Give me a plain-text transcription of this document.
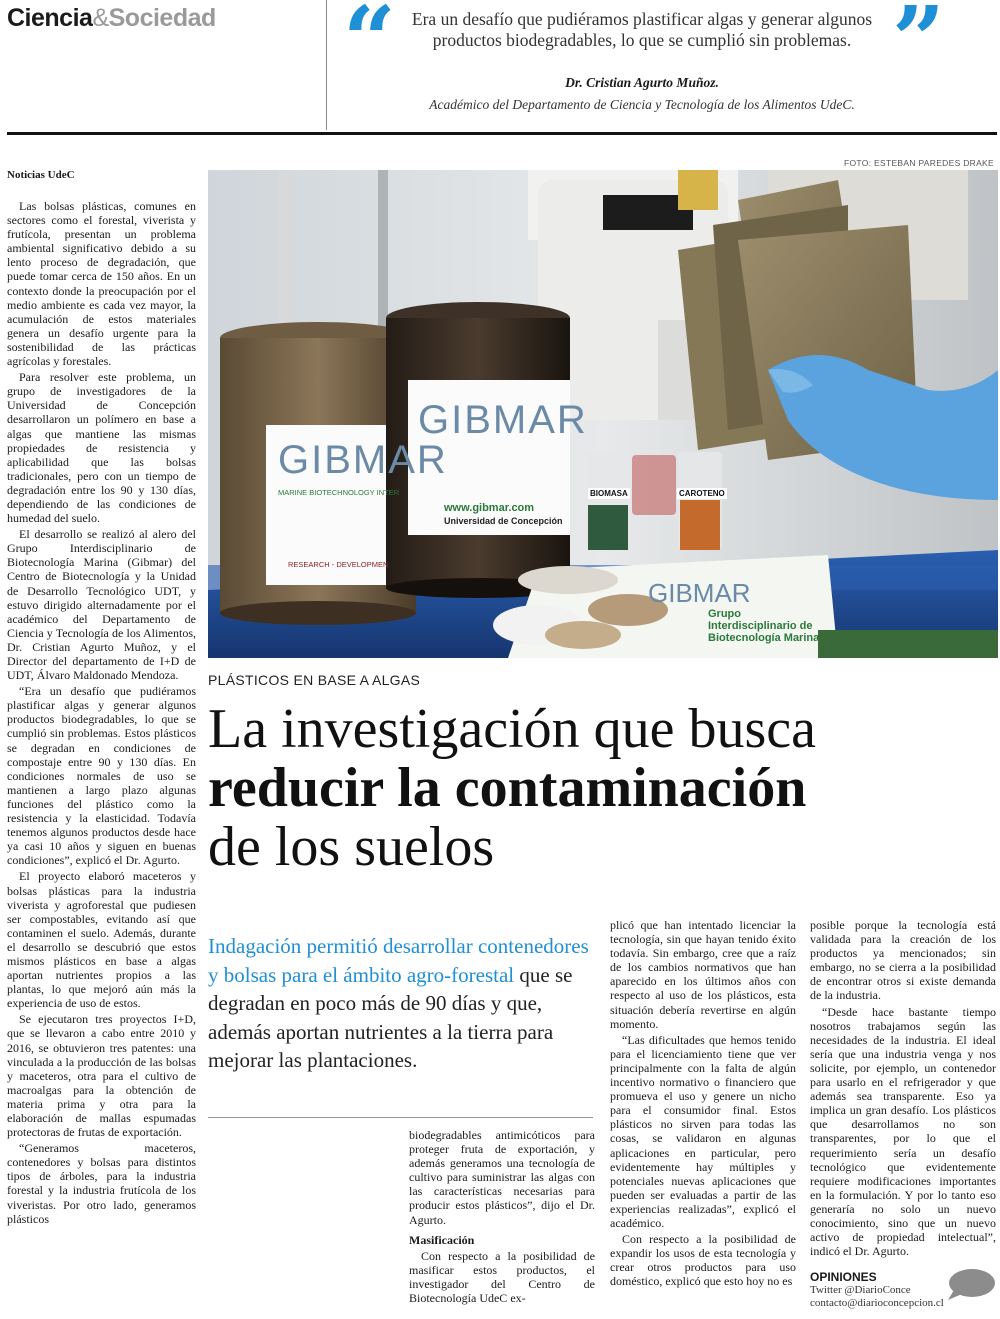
Ciencia&Sociedad “	”
Era un desafío que pudiéramos plastificar algas y generar algunos productos biodegradables, lo que se cumplió sin problemas.
Dr. Cristian Agurto Muñoz.
Académico del Departamento de Ciencia y Tecnología de los Alimentos UdeC.
FOTO: ESTEBAN PAREDES DRAKE
GIBMAR
MARINE BIOTECHNOLOGY INTER
RESEARCH - DEVELOPMEN
GIBMAR
www.gibmar.com
Universidad de Concepción
BIOMASA	CAROTENO
GIBMAR
Grupo
Interdisciplinario de
Biotecnología Marina
Noticias UdeC

Las bolsas plásticas, comunes en sectores como el forestal, viverista y frutícola, presentan un problema ambiental significativo debido a su lento proceso de degradación, que puede tomar cerca de 150 años. En un contexto donde la preocupación por el medio ambiente es cada vez mayor, la acumulación de estos materiales genera un desafío urgente para la sostenibilidad de las prácticas agrícolas y forestales.

Para resolver este problema, un grupo de investigadores de la Universidad de Concepción desarrollaron un polímero en base a algas que mantiene las mismas propiedades de resistencia y aplicabilidad que las bolsas tradicionales, pero con un tiempo de degradación entre los 90 y 130 días, dependiendo de las condiciones de humedad del suelo.

El desarrollo se realizó al alero del Grupo Interdisciplinario de Biotecnología Marina (Gibmar) del Centro de Biotecnología y la Unidad de Desarrollo Tecnológico UDT, y estuvo dirigido alternadamente por el académico del Departamento de Ciencia y Tecnología de los Alimentos, Dr. Cristian Agurto Muñoz, y el Director del departamento de I+D de UDT, Álvaro Maldonado Mendoza.

“Era un desafío que pudiéramos plastificar algas y generar algunos productos biodegradables, lo que se cumplió sin problemas. Estos plásticos se degradan en condiciones de compostaje entre 90 y 130 días. En condiciones normales de uso se mantienen a largo plazo algunas funciones del plástico como la resistencia y la elasticidad. Todavía tenemos algunos productos desde hace ya casi 10 años y siguen en buenas condiciones”, explicó el Dr. Agurto.

El proyecto elaboró maceteros y bolsas plásticas para la industria viverista y agroforestal que pudiesen ser compostables, evitando así que contaminen el suelo. Además, durante el desarrollo se descubrió que estos mismos plásticos en base a algas aportan nutrientes propios a las plantas, lo que mejoró aún más la experiencia de uso de estos.

Se ejecutaron tres proyectos I+D, que se llevaron a cabo entre 2010 y 2016, se obtuvieron tres patentes: una vinculada a la producción de las bolsas y maceteros, otra para el cultivo de macroalgas para la obtención de materia prima y otra para la elaboración de mallas espumadas protectoras de frutas de exportación.

“Generamos maceteros, contenedores y bolsas para distintos tipos de árboles, para la industria forestal y la industria frutícola de los viveristas. Por otro lado, generamos plásticos

PLÁSTICOS EN BASE A ALGAS
La investigación que busca
reducir la contaminación
de los suelos
Indagación permitió desarrollar contenedores y bolsas para el ámbito agro-forestal que se degradan en poco más de 90 días y que, además aportan nutrientes a la tierra para mejorar las plantaciones.

biodegradables antimicóticos para proteger fruta de exportación, y además generamos una tecnología de cultivo para suministrar las algas con las características necesarias para producir estos plásticos”, dijo el Dr. Agurto.

Masificación

Con respecto a la posibilidad de masificar estos productos, el investigador del Centro de Biotecnología UdeC ex-

plicó que han intentado licenciar la tecnología, sin que hayan tenido éxito todavía. Sin embargo, cree que a raíz de los cambios normativos que han aparecido en los últimos años con respecto al uso de los plásticos, esta situación debería revertirse en algún momento.

“Las dificultades que hemos tenido para el licenciamiento tiene que ver principalmente con la falta de algún incentivo normativo o financiero que promueva el uso y genere un nicho para el consumidor final. Estos plásticos no sirven para todas las cosas, se validaron en algunas aplicaciones en particular, pero evidentemente hay múltiples y potenciales nuevas aplicaciones que pueden ser evaluadas a partir de las experiencias realizadas”, explicó el académico.

Con respecto a la posibilidad de expandir los usos de esta tecnología y crear otros productos para uso doméstico, explicó que esto hoy no es

posible porque la tecnología está validada para la creación de los productos ya mencionados; sin embargo, no se cierra a la posibilidad de encontrar otros si existe demanda de la industria.

“Desde hace bastante tiempo nosotros trabajamos según las necesidades de la industria. El ideal sería que una industria venga y nos solicite, por ejemplo, un contenedor para usarlo en el refrigerador y que además sea transparente. Eso ya implica un gran desafío. Los plásticos que desarrollamos no son transparentes, por lo que el requerimiento sería un desafío tecnológico que evidentemente requiere modificaciones importantes en la formulación. Y por lo tanto eso generaría no solo un nuevo conocimiento, sino que un nuevo activo de propiedad intelectual”, indicó el Dr. Agurto.

OPINIONES
Twitter @DiarioConce
contacto@diarioconcepcion.cl
